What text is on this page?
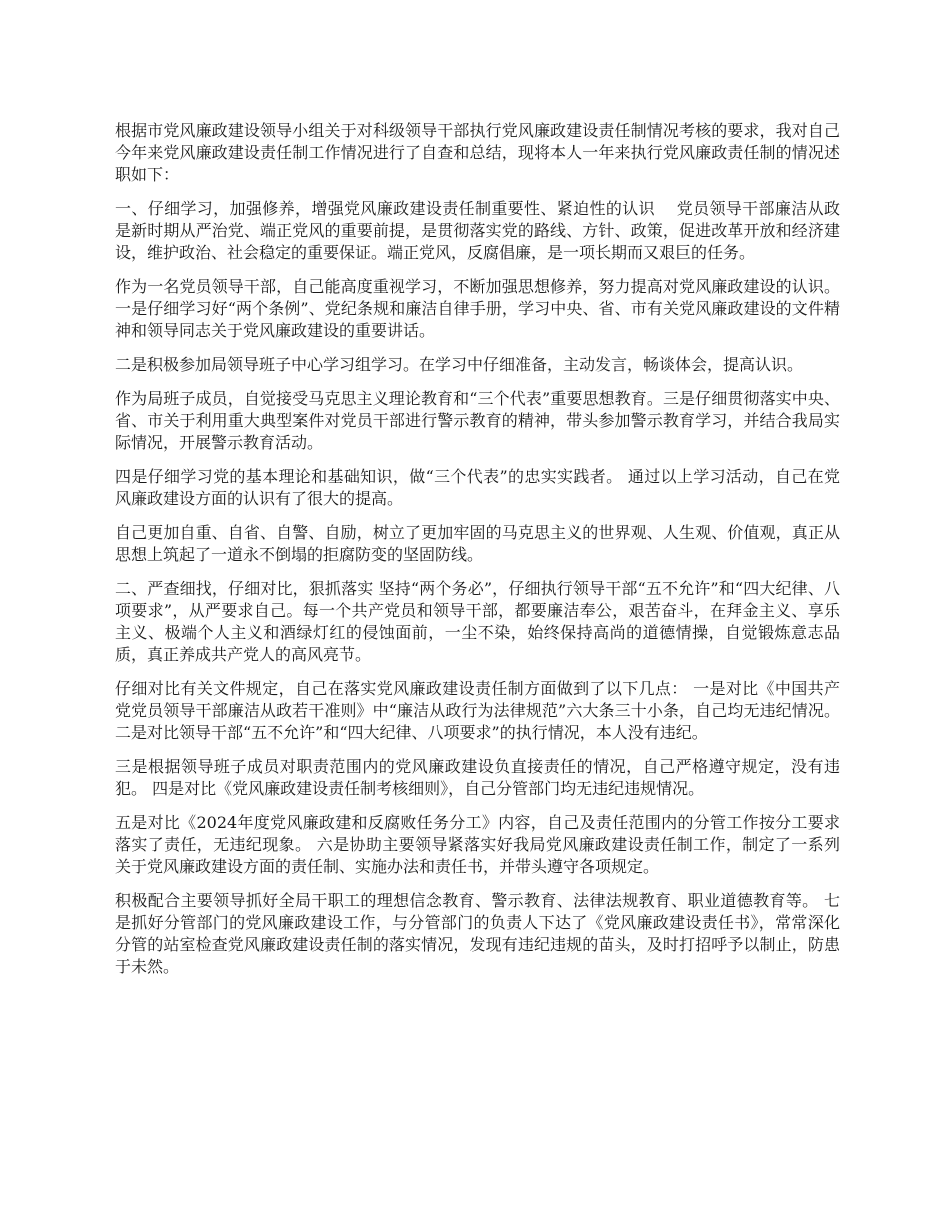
根据市党风廉政建设领导小组关于对科级领导干部执行党风廉政建设责任制情况考核的要求，我对自己今年来党风廉政建设责任制工作情况进行了自查和总结，现将本人一年来执行党风廉政责任制的情况述职如下：

一、仔细学习，加强修养，增强党风廉政建设责任制重要性、紧迫性的认识　 党员领导干部廉洁从政是新时期从严治党、端正党风的重要前提，是贯彻落实党的路线、方针、政策，促进改革开放和经济建设，维护政治、社会稳定的重要保证。端正党风，反腐倡廉，是一项长期而又艰巨的任务。

作为一名党员领导干部，自己能高度重视学习，不断加强思想修养，努力提高对党风廉政建设的认识。一是仔细学习好“两个条例”、党纪条规和廉洁自律手册，学习中央、省、市有关党风廉政建设的文件精神和领导同志关于党风廉政建设的重要讲话。

二是积极参加局领导班子中心学习组学习。在学习中仔细准备，主动发言，畅谈体会，提高认识。

作为局班子成员，自觉接受马克思主义理论教育和“三个代表”重要思想教育。三是仔细贯彻落实中央、省、市关于利用重大典型案件对党员干部进行警示教育的精神，带头参加警示教育学习，并结合我局实际情况，开展警示教育活动。

四是仔细学习党的基本理论和基础知识，做“三个代表”的忠实实践者。 通过以上学习活动，自己在党风廉政建设方面的认识有了很大的提高。

自己更加自重、自省、自警、自励，树立了更加牢固的马克思主义的世界观、人生观、价值观，真正从思想上筑起了一道永不倒塌的拒腐防变的坚固防线。

二、严查细找，仔细对比，狠抓落实 坚持“两个务必”，仔细执行领导干部“五不允许”和“四大纪律、八项要求”，从严要求自己。每一个共产党员和领导干部，都要廉洁奉公，艰苦奋斗，在拜金主义、享乐主义、极端个人主义和酒绿灯红的侵蚀面前，一尘不染，始终保持高尚的道德情操，自觉锻炼意志品质，真正养成共产党人的高风亮节。

仔细对比有关文件规定，自己在落实党风廉政建设责任制方面做到了以下几点： 一是对比《中国共产党党员领导干部廉洁从政若干准则》中“廉洁从政行为法律规范”六大条三十小条，自己均无违纪情况。 二是对比领导干部“五不允许”和“四大纪律、八项要求”的执行情况，本人没有违纪。

三是根据领导班子成员对职责范围内的党风廉政建设负直接责任的情况，自己严格遵守规定，没有违犯。 四是对比《党风廉政建设责任制考核细则》，自己分管部门均无违纪违规情况。

五是对比《2024年度党风廉政建和反腐败任务分工》内容，自己及责任范围内的分管工作按分工要求落实了责任，无违纪现象。 六是协助主要领导紧落实好我局党风廉政建设责任制工作，制定了一系列关于党风廉政建设方面的责任制、实施办法和责任书，并带头遵守各项规定。

积极配合主要领导抓好全局干职工的理想信念教育、警示教育、法律法规教育、职业道德教育等。 七是抓好分管部门的党风廉政建设工作，与分管部门的负责人下达了《党风廉政建设责任书》，常常深化分管的站室检查党风廉政建设责任制的落实情况，发现有违纪违规的苗头，及时打招呼予以制止，防患于未然。
